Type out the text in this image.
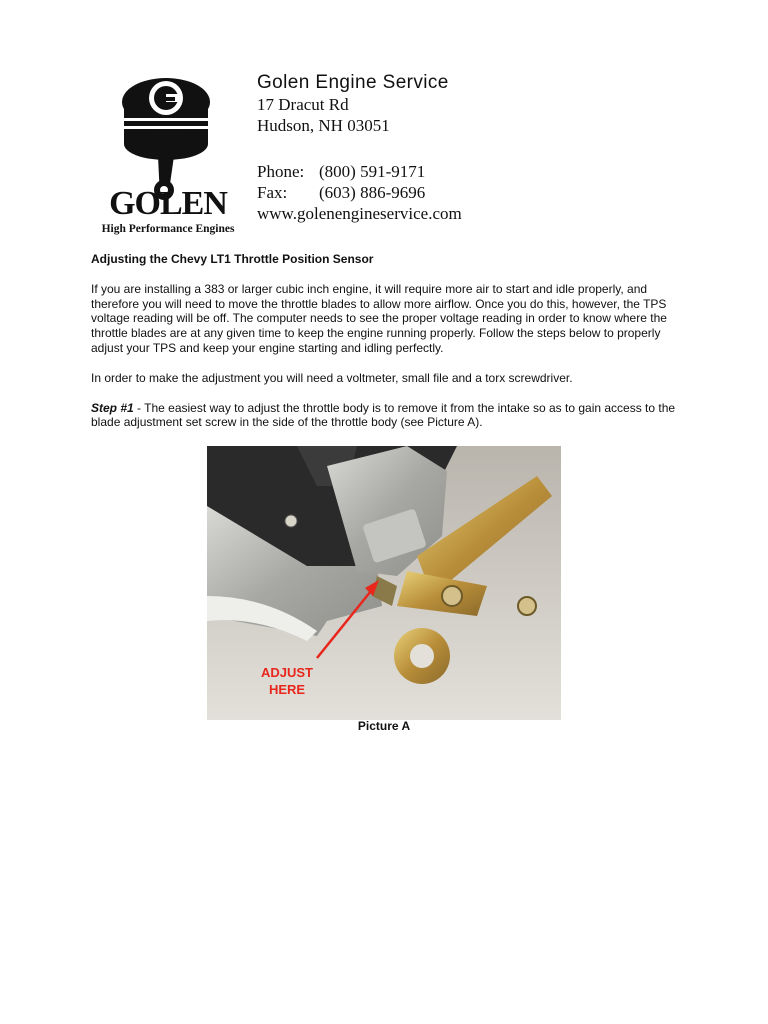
GOLEN
High Performance Engines

Golen Engine Service

17 Dracut Rd

Hudson, NH 03051

Phone: (800) 591-9171
Fax:	(603) 886-9696
www.golenengineservice.com
Adjusting the Chevy LT1 Throttle Position Sensor

If you are installing a 383 or larger cubic inch engine, it will require more air to start and idle properly, and therefore you will need to move the throttle blades to allow more airflow. Once you do this, however, the TPS voltage reading will be off. The computer needs to see the proper voltage reading in order to know where the throttle blades are at any given time to keep the engine running properly. Follow the steps below to properly adjust your TPS and keep your engine starting and idling perfectly.

In order to make the adjustment you will need a voltmeter, small file and a torx screwdriver.

Step #1 - The easiest way to adjust the throttle body is to remove it from the intake so as to gain access to the blade adjustment set screw in the side of the throttle body (see Picture A).

ADJUST
HERE
Picture A
